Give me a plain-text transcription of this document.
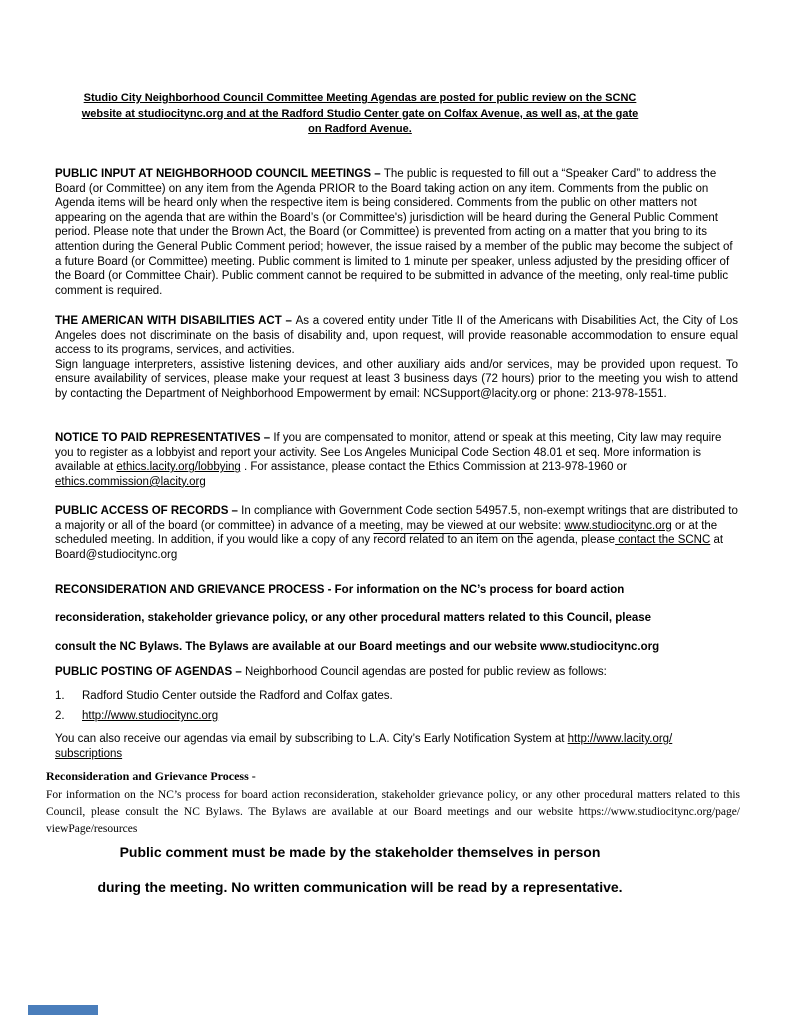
Studio City Neighborhood Council Committee Meeting Agendas are posted for public review on the SCNC
website at studiocitync.org and at the Radford Studio Center gate on Colfax Avenue, as well as, at the gate
on Radford Avenue.
PUBLIC INPUT AT NEIGHBORHOOD COUNCIL MEETINGS – The public is requested to fill out a “Speaker Card” to address the Board (or Committee) on any item from the Agenda PRIOR to the Board taking action on any item. Comments from the public on Agenda items will be heard only when the respective item is being considered. Comments from the public on other matters not appearing on the agenda that are within the Board’s (or Committee's) jurisdiction will be heard during the General Public Comment period. Please note that under the Brown Act, the Board (or Committee) is prevented from acting on a matter that you bring to its attention during the General Public Comment period; however, the issue raised by a member of the public may become the subject of a future Board (or Committee) meeting. Public comment is limited to 1 minute per speaker, unless adjusted by the presiding officer of the Board (or Committee Chair). Public comment cannot be required to be submitted in advance of the meeting, only real-time public comment is required.
THE AMERICAN WITH DISABILITIES ACT – As a covered entity under Title II of the Americans with Disabilities Act, the City of Los Angeles does not discriminate on the basis of disability and, upon request, will provide reasonable accommodation to ensure equal access to its programs, services, and activities.
Sign language interpreters, assistive listening devices, and other auxiliary aids and/or services, may be provided upon request. To ensure availability of services, please make your request at least 3 business days (72 hours) prior to the meeting you wish to attend by contacting the Department of Neighborhood Empowerment by email: NCSupport@lacity.org or phone: 213-978-1551.
NOTICE TO PAID REPRESENTATIVES – If you are compensated to monitor, attend or speak at this meeting, City law may require you to register as a lobbyist and report your activity. See Los Angeles Municipal Code Section 48.01 et seq. More information is available at ethics.lacity.org/lobbying . For assistance, please contact the Ethics Commission at 213-978-1960 or ethics.commission@lacity.org
PUBLIC ACCESS OF RECORDS – In compliance with Government Code section 54957.5, non-exempt writings that are distributed to a majority or all of the board (or committee) in advance of a meeting, may be viewed at our website: www.studiocitync.org or at the scheduled meeting. In addition, if you would like a copy of any record related to an item on the agenda, please contact the SCNC at Board@studiocitync.org
RECONSIDERATION AND GRIEVANCE PROCESS - For information on the NC’s process for board action
reconsideration, stakeholder grievance policy, or any other procedural matters related to this Council, please
consult the NC Bylaws. The Bylaws are available at our Board meetings and our website www.studiocitync.org
PUBLIC POSTING OF AGENDAS – Neighborhood Council agendas are posted for public review as follows:
1.	Radford Studio Center outside the Radford and Colfax gates.
2.	http://www.studiocitync.org
You can also receive our agendas via email by subscribing to L.A. City’s Early Notification System at http://www.lacity.org/subscriptions
Reconsideration and Grievance Process -
For information on the NC’s process for board action reconsideration, stakeholder grievance policy, or any other procedural matters related to this Council, please consult the NC Bylaws. The Bylaws are available at our Board meetings and our website https://www.studiocitync.org/page/viewPage/resources
Public comment must be made by the stakeholder themselves in person
during the meeting. No written communication will be read by a representative.
